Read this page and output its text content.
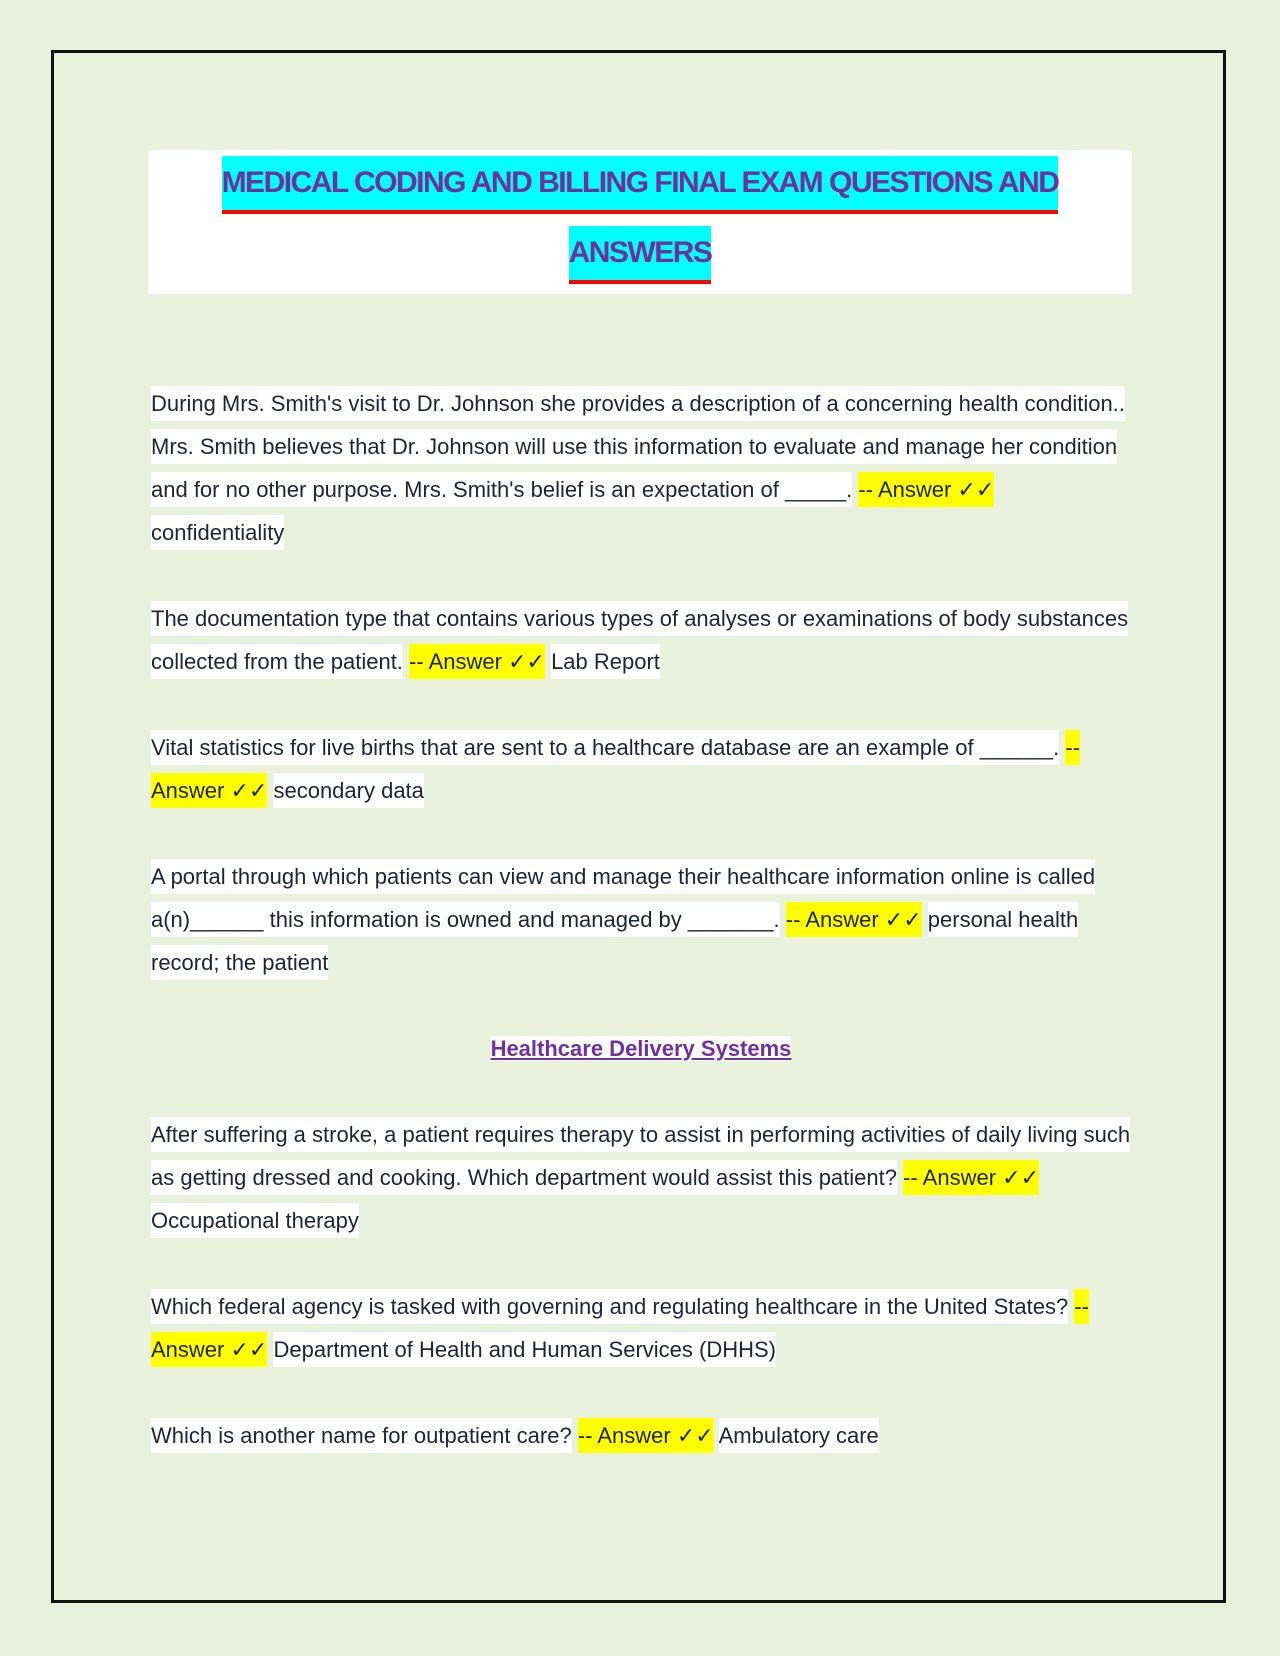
MEDICAL CODING AND BILLING FINAL EXAM QUESTIONS AND
ANSWERS

During Mrs. Smith's visit to Dr. Johnson she provides a description of a concerning health condition.. Mrs. Smith believes that Dr. Johnson will use this information to evaluate and manage her condition and for no other purpose. Mrs. Smith's belief is an expectation of _____. -- Answer ✓✓ confidentiality

The documentation type that contains various types of analyses or examinations of body substances collected from the patient. -- Answer ✓✓ Lab Report

Vital statistics for live births that are sent to a healthcare database are an example of ______. -- Answer ✓✓ secondary data

A portal through which patients can view and manage their healthcare information online is called a(n)______ this information is owned and managed by _______. -- Answer ✓✓ personal health record; the patient

Healthcare Delivery Systems

After suffering a stroke, a patient requires therapy to assist in performing activities of daily living such as getting dressed and cooking. Which department would assist this patient? -- Answer ✓✓ Occupational therapy

Which federal agency is tasked with governing and regulating healthcare in the United States? -- Answer ✓✓ Department of Health and Human Services (DHHS)

Which is another name for outpatient care? -- Answer ✓✓ Ambulatory care
